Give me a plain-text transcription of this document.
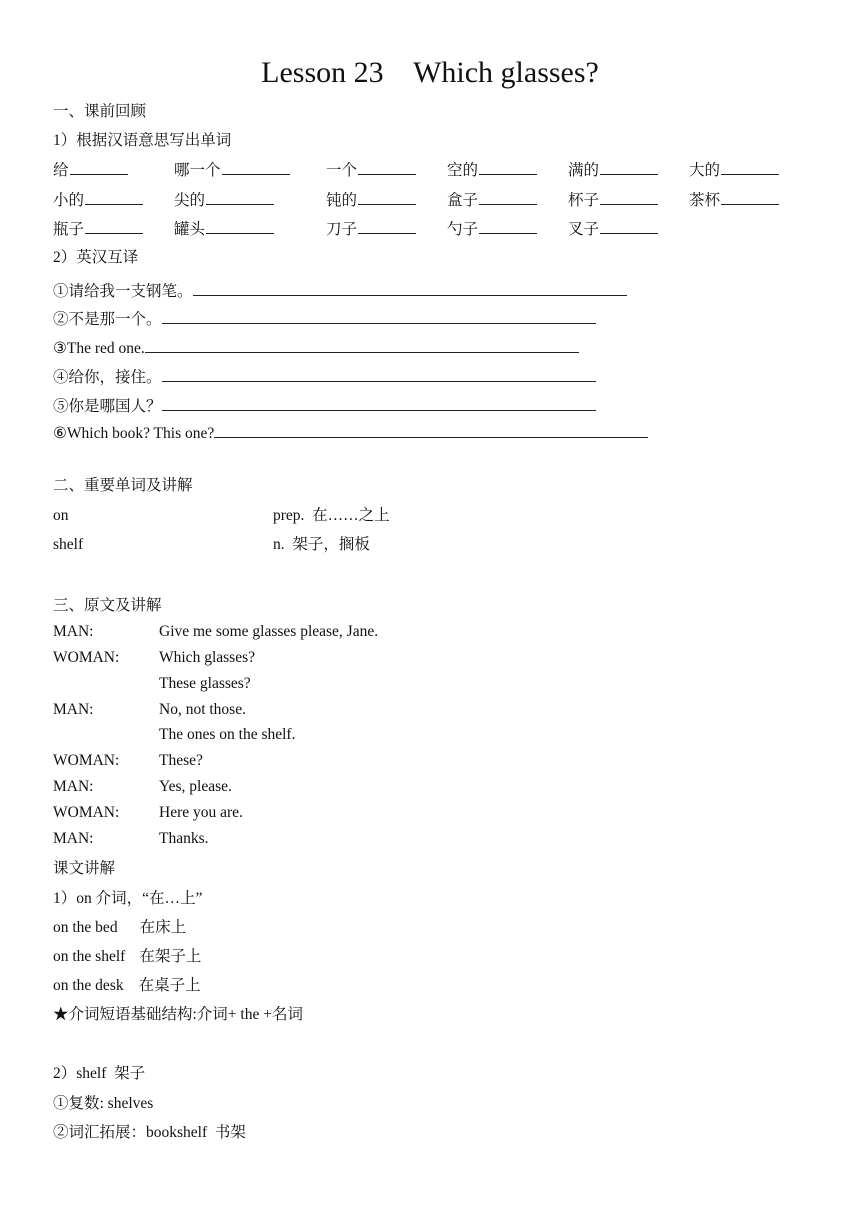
Lesson 23    Which glasses?
一、课前回顾
1）根据汉语意思写出单词
给	哪一个	一个	空的	满的	大的
小的	尖的	钝的	盒子	杯子	茶杯
瓶子	罐头	刀子	勺子	叉子
2）英汉互译
①请给我一支钢笔。
②不是那一个。
③The red one.
④给你，接住。
⑤你是哪国人？
⑥Which book? This one?
二、重要单词及讲解
on	prep.  在……之上
shelf	n.  架子，搁板
三、原文及讲解
MAN:	Give me some glasses please, Jane.
WOMAN:	Which glasses?
These glasses?
MAN:	No, not those.
The ones on the shelf.
WOMAN:	These?
MAN:	Yes, please.
WOMAN:	Here you are.
MAN:	Thanks.
课文讲解
1）on 介词，“在…上”
on the bed 在床上
on the shelf 在架子上
on the desk 在桌子上
★介词短语基础结构:介词+ the +名词
2）shelf  架子
①复数: shelves
②词汇拓展：bookshelf  书架
